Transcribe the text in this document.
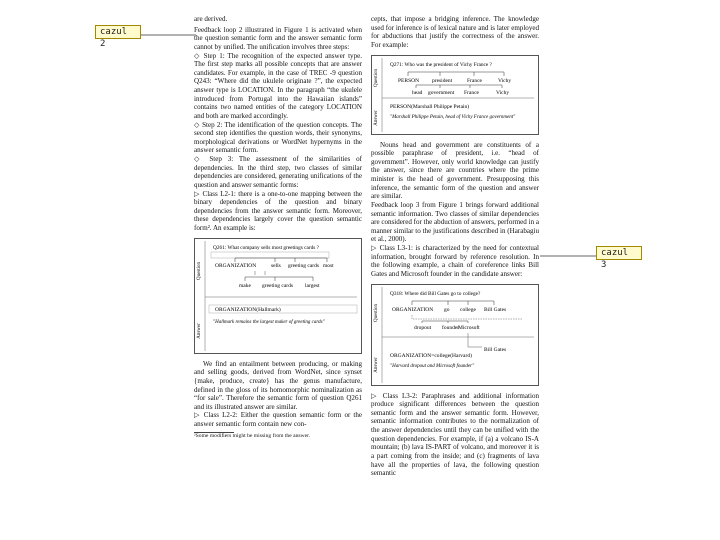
cazul 2
cazul 3

are derived.

Feedback loop 2 illustrated in Figure 1 is activated when the question semantic form and the answer semantic form cannot by unified. The unification involves three steps:

◇ Step 1: The recognition of the expected answer type. The first step marks all possible concepts that are answer candidates. For example, in the case of TREC -9 question Q243: “Where did the ukulele originate ?”, the expected answer type is LOCATION. In the paragraph “the ukulele introduced from Portugal into the Hawaiian islands” contains two named entities of the category LOCATION and both are marked accordingly.

◇ Step 2: The identification of the question concepts. The second step identifies the question words, their synonyms, morphological derivations or WordNet hypernyms in the answer semantic form.

◇ Step 3: The assessment of the similarities of dependencies. In the third step, two classes of similar dependencies are considered, generating unifications of the question and answer semantic forms:

▷ Class L2-1: there is a one-to-one mapping between the binary dependencies of the question and binary dependencies from the answer semantic form. Moreover, these dependencies largely cover the question semantic form². An example is:

Question
Answer
Q261: What company sells most greetings cards ?
ORGANIZATION	sells greeting cards most
make greeting cards largest
ORGANIZATION(Hallmark)
"Hallmark remains the largest maker of greeting cards"

We find an entailment between producing, or making and selling goods, derived from WordNet, since synset {make, produce, create} has the genus manufacture, defined in the gloss of its homomorphic nominalization as “for sale”. Therefore the semantic form of question Q261 and its illustrated answer are similar.

▷ Class L2-2: Either the question semantic form or the answer semantic form contain new con-

²Some modifiers might be missing from the answer.

cepts, that impose a bridging inference. The knowledge used for inference is of lexical nature and is later employed for abductions that justify the correctness of the answer. For example:

Question
Answer
Q271: Who was the president of Vichy France ?
PERSON president	France	Vichy
head government France	Vichy
PERSON(Marshall Philippe Petain)
"Marshall Philippe Petain, head of Vichy France government"

Nouns head and government are constituents of a possible paraphrase of president, i.e. “head of government”. However, only world knowledge can justify the answer, since there are countries where the prime minister is the head of government. Presupposing this inference, the semantic form of the question and answer are similar.

Feedback loop 3 from Figure 1 brings forward additional semantic information. Two classes of similar dependencies are considered for the abduction of answers, performed in a manner similar to the justifications described in (Harabagiu et al., 2000).

▷ Class L3-1: is characterized by the need for contextual information, brought forward by reference resolution. In the following example, a chain of coreference links Bill Gates and Microsoft founder in the candidate answer:

Question
Answer
Q318: Where did Bill Gates go to college?
ORGANIZATION go college Bill Gates
dropout founder
Microsoft
Bill Gates
ORGANIZATION=college(Harvard)
"Harvard dropout and Microsoft founder"

▷ Class L3-2: Paraphrases and additional information produce significant differences between the question semantic form and the answer semantic form. However, semantic information contributes to the normalization of the answer dependencies until they can be unified with the question dependencies. For example, if (a) a volcano IS-A mountain; (b) lava IS-PART of volcano, and moreover it is a part coming from the inside; and (c) fragments of lava have all the properties of lava, the following question semantic
